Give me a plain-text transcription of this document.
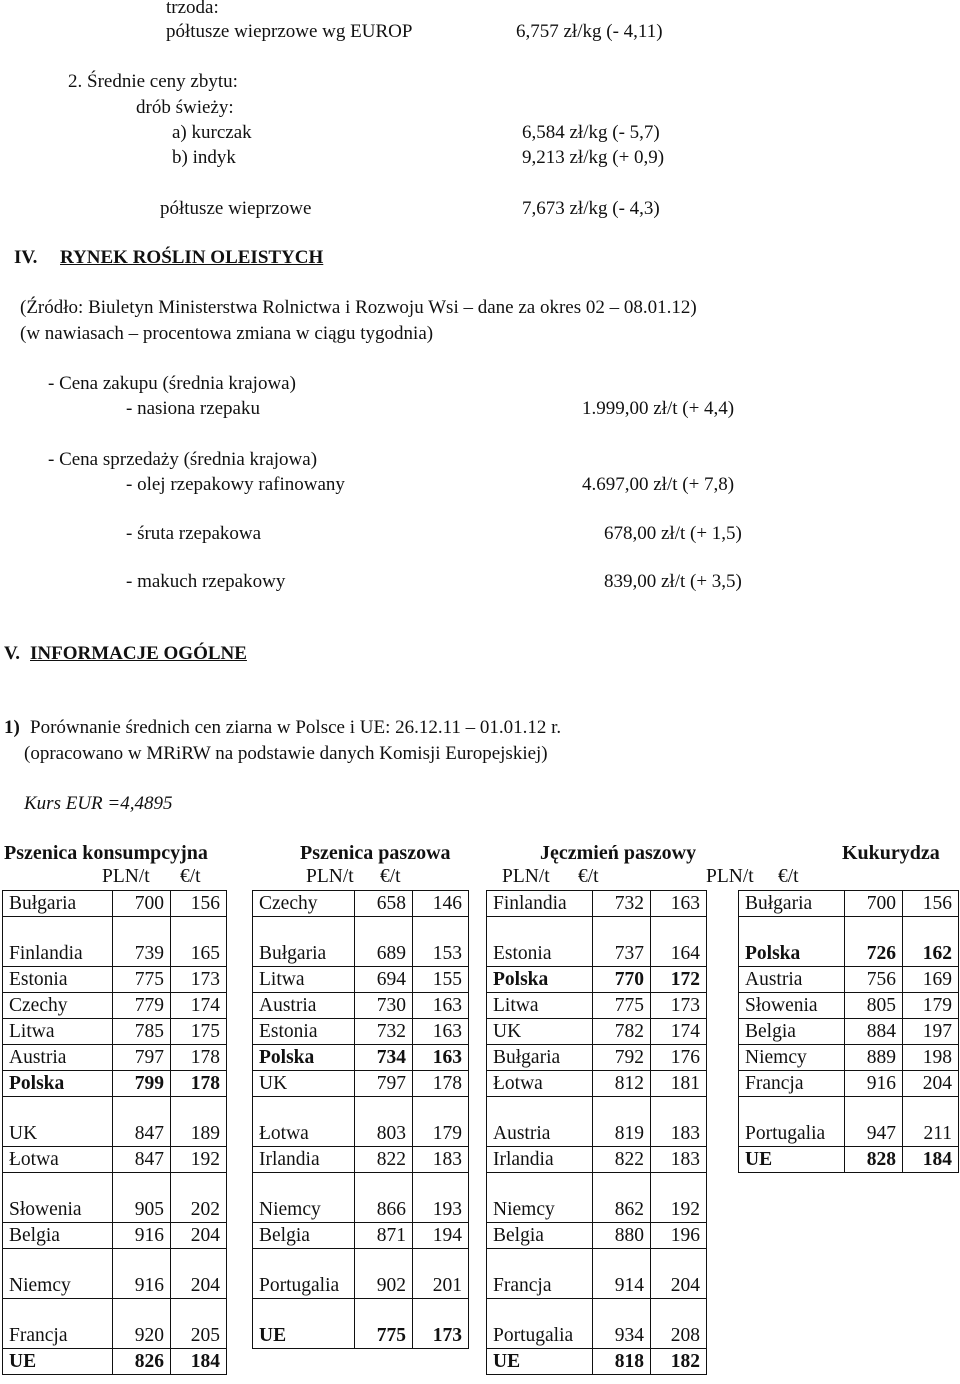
trzoda:
półtusze wieprzowe wg EUROP	6,757 zł/kg (- 4,11)
2. Średnie ceny zbytu:
drób świeży:
a) kurczak	6,584 zł/kg (- 5,7)
b) indyk	9,213 zł/kg (+ 0,9)
półtusze wieprzowe	7,673 zł/kg (- 4,3)
IV. RYNEK ROŚLIN OLEISTYCH
(Źródło: Biuletyn Ministerstwa Rolnictwa i Rozwoju Wsi – dane za okres 02 – 08.01.12)
(w nawiasach – procentowa zmiana w ciągu tygodnia)
- Cena zakupu (średnia krajowa)
- nasiona rzepaku	1.999,00 zł/t (+ 4,4)
- Cena sprzedaży (średnia krajowa)
- olej rzepakowy rafinowany	4.697,00 zł/t (+ 7,8)
- śruta rzepakowa	678,00 zł/t (+ 1,5)
- makuch rzepakowy	839,00 zł/t (+ 3,5)
V. INFORMACJE OGÓLNE
1) Porównanie średnich cen ziarna w Polsce i UE: 26.12.11 – 01.01.12 r.
(opracowano w MRiRW na podstawie danych Komisji Europejskiej)
Kurs EUR =4,4895
Pszenica konsumpcyjna	Pszenica paszowa	Jęczmień paszowy	Kukurydza
PLN/t €/t	PLN/t €/t	PLN/t €/t	PLN/t €/t
Bułgaria	700	156
Finlandia	739	165
Estonia	775	173
Czechy	779	174
Litwa	785	175
Austria	797	178
Polska	799	178
UK	847	189
Łotwa	847	192
Słowenia	905	202
Belgia	916	204
Niemcy	916	204
Francja	920	205
UE	826	184
Czechy	658	146
Bułgaria	689	153
Litwa	694	155
Austria	730	163
Estonia	732	163
Polska	734	163
UK	797	178
Łotwa	803	179
Irlandia	822	183
Niemcy	866	193
Belgia	871	194
Portugalia	902	201
UE	775	173
Finlandia	732	163
Estonia	737	164
Polska	770	172
Litwa	775	173
UK	782	174
Bułgaria	792	176
Łotwa	812	181
Austria	819	183
Irlandia	822	183
Niemcy	862	192
Belgia	880	196
Francja	914	204
Portugalia	934	208
UE	818	182
Bułgaria	700	156
Polska	726	162
Austria	756	169
Słowenia	805	179
Belgia	884	197
Niemcy	889	198
Francja	916	204
Portugalia	947	211
UE	828	184
